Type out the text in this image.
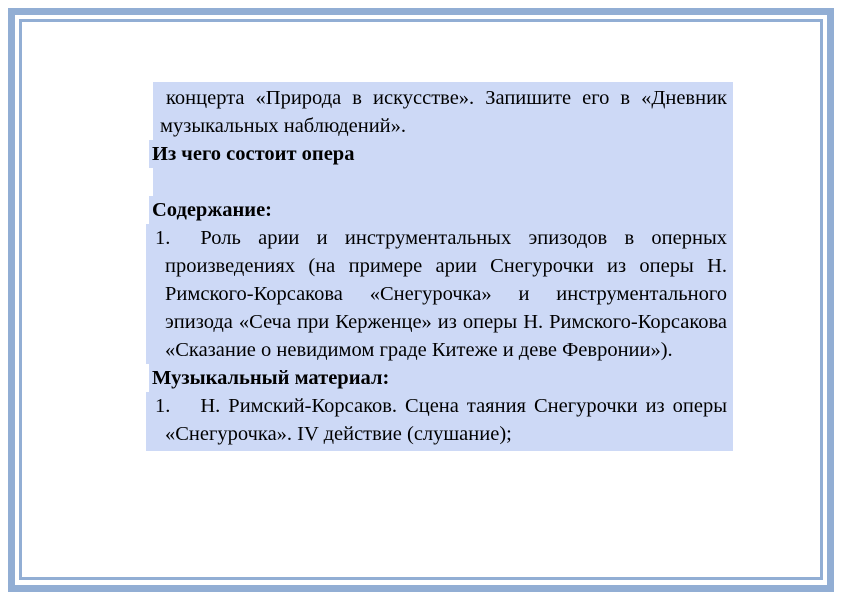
концерта «Природа в искусстве». Запишите его в «Дневник музыкальных наблюдений».

Из чего состоит опера

Содержание:

1. Роль арии и инструментальных эпизодов в оперных произведениях (на примере арии Снегурочки из оперы Н. Римского-Корсакова «Снегурочка» и инструментального эпизода «Сеча при Керженце» из оперы Н. Римского-Корсакова «Сказание о невидимом граде Китеже и деве Февронии»).

Музыкальный материал:

1. Н. Римский-Корсаков. Сцена таяния Снегурочки из оперы «Снегурочка». IV действие (слушание);
